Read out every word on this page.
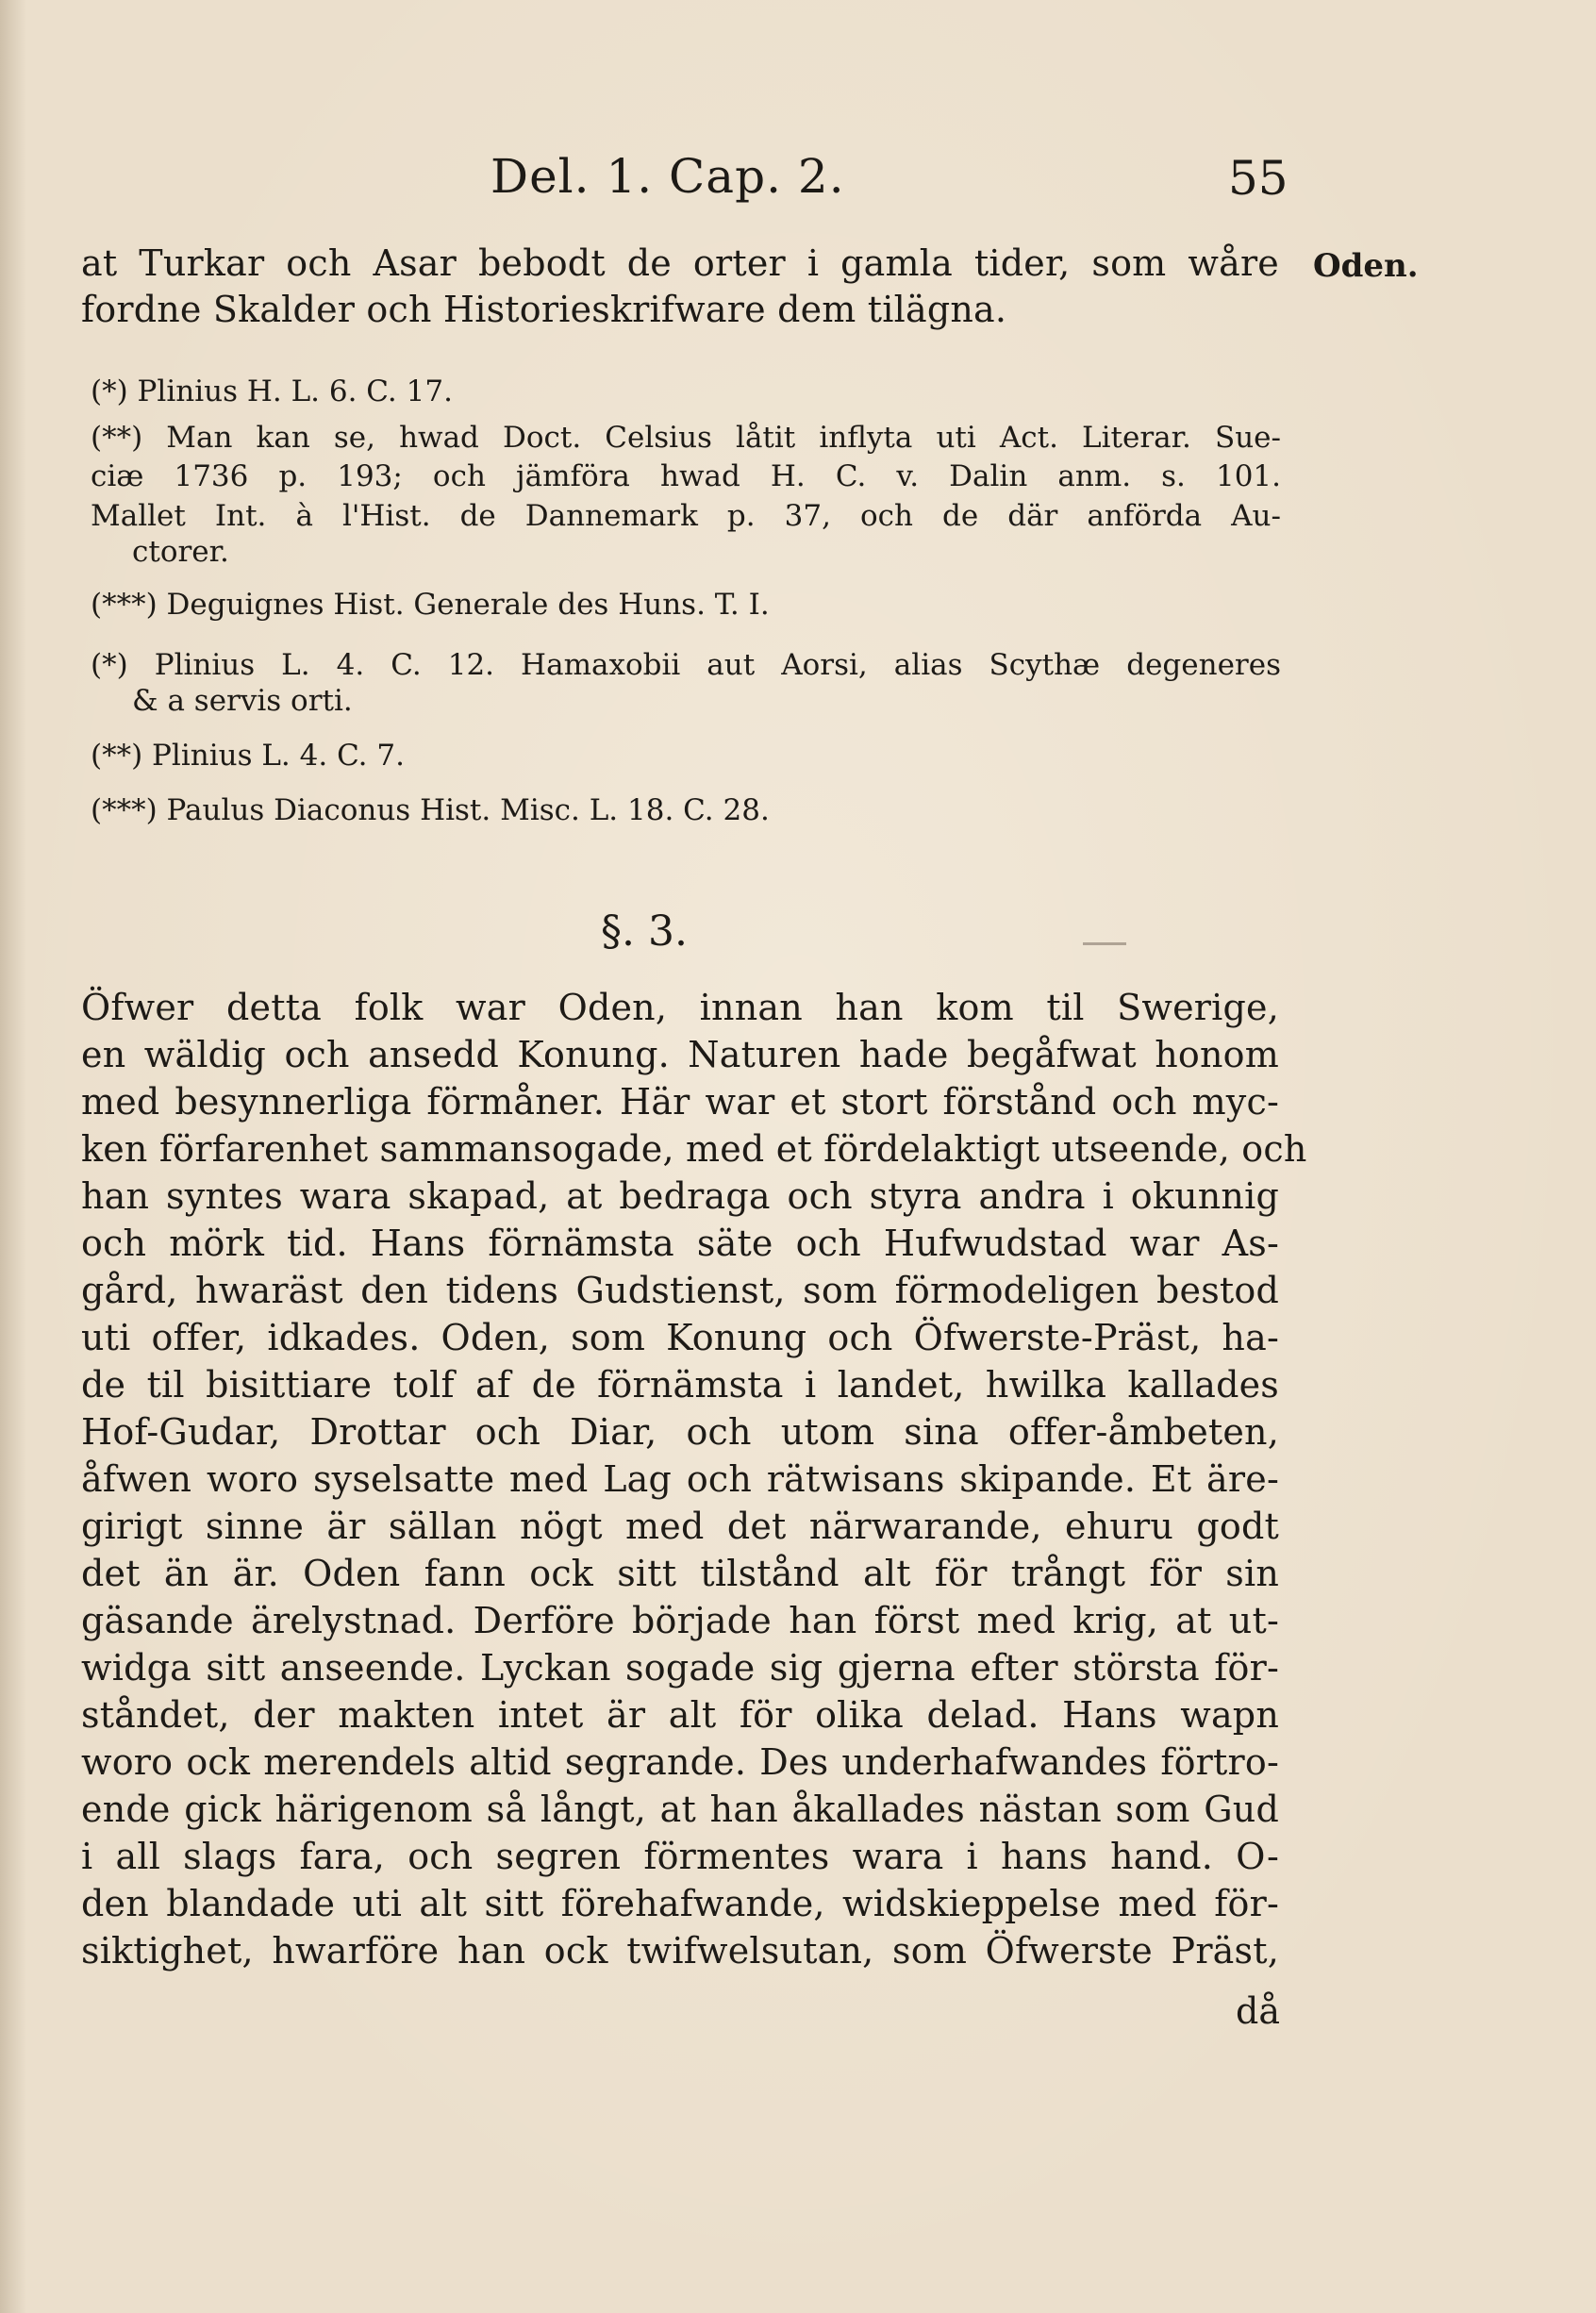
Del. 1. Cap. 2.	55
Oden.
at Turkar och Asar bebodt de orter i gamla tider, som wåre
fordne Skalder och Historieskrifware dem tilägna.
(*) Plinius H. L. 6. C. 17.
(**) Man kan se, hwad Doct. Celsius låtit inflyta uti Act. Literar. Sue-
ciæ 1736 p. 193; och jämföra hwad H. C. v. Dalin anm. s. 101.
Mallet Int. à l'Hist. de Dannemark p. 37, och de där anförda Au-
ctorer.
(***) Deguignes Hist. Generale des Huns. T. I.
(*) Plinius L. 4. C. 12. Hamaxobii aut Aorsi, alias Scythæ degeneres
& a servis orti.
(**) Plinius L. 4. C. 7.
(***) Paulus Diaconus Hist. Misc. L. 18. C. 28.
§. 3.
Öfwer detta folk war Oden, innan han kom til Swerige,
en wäldig och ansedd Konung. Naturen hade begåfwat honom
med besynnerliga förmåner. Här war et stort förstånd och myc-
ken förfarenhet sammansogade, med et fördelaktigt utseende, och
han syntes wara skapad, at bedraga och styra andra i okunnig
och mörk tid. Hans förnämsta säte och Hufwudstad war As-
gård, hwaräst den tidens Gudstienst, som förmodeligen bestod
uti offer, idkades. Oden, som Konung och Öfwerste-Präst, ha-
de til bisittiare tolf af de förnämsta i landet, hwilka kallades
Hof-Gudar, Drottar och Diar, och utom sina offer-åmbeten,
åfwen woro syselsatte med Lag och rätwisans skipande. Et äre-
girigt sinne är sällan nögt med det närwarande, ehuru godt
det än är. Oden fann ock sitt tilstånd alt för trångt för sin
gäsande ärelystnad. Derföre började han först med krig, at ut-
widga sitt anseende. Lyckan sogade sig gjerna efter största för-
ståndet, der makten intet är alt för olika delad. Hans wapn
woro ock merendels altid segrande. Des underhafwandes förtro-
ende gick härigenom så långt, at han åkallades nästan som Gud
i all slags fara, och segren förmentes wara i hans hand. O-
den blandade uti alt sitt förehafwande, widskieppelse med för-
siktighet, hwarföre han ock twifwelsutan, som Öfwerste Präst,
då
